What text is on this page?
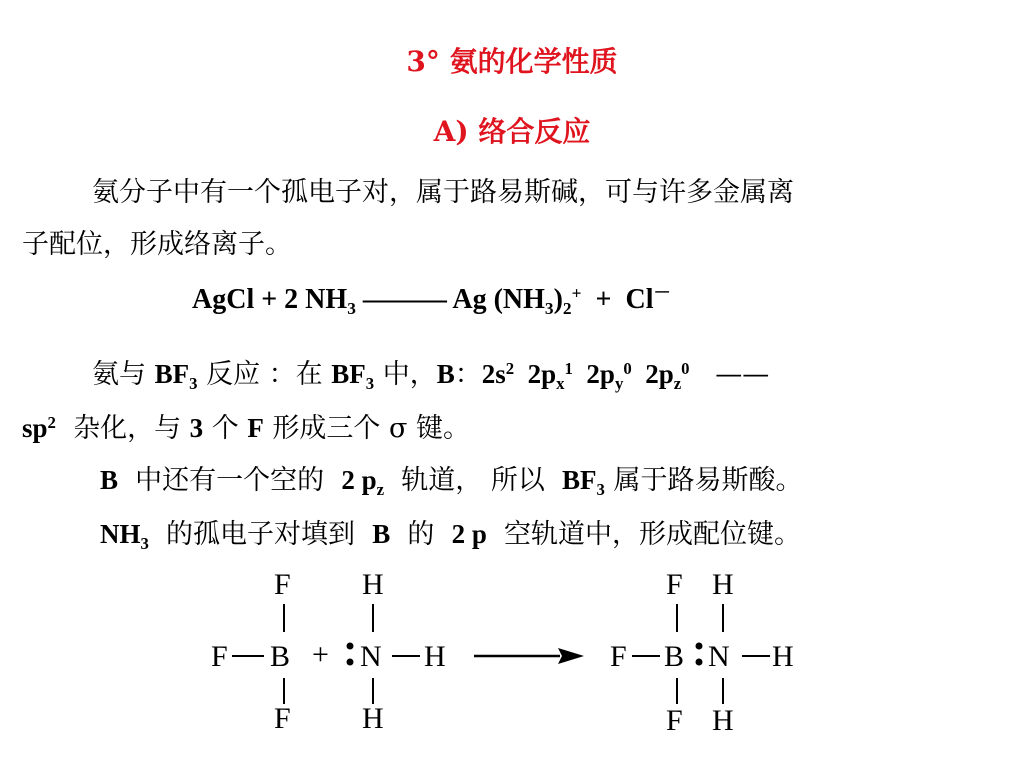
3° 氨的化学性质
A) 络合反应
氨分子中有一个孤电子对，属于路易斯碱，可与许多金属离
子配位，形成络离子。
AgCl + 2 $NH_3$ ——— Ag $(NH_3)_2^+ + Cl^-$
氨与 $BF_3$ 反应 ：在 $BF_3$ 中，B：$2s^2$  $2p_x^1$  $2p_y^0$  $2p_z^0$   ——
$sp^2$  杂化，与 3 个 F 形成三个 σ 键。
B  中还有一个空的  2 $p_z$  轨道， 所以  $BF_3$ 属于路易斯酸。
$NH_3$  的孤电子对填到  B  的  2 p  空轨道中，形成配位键。
F
F B
F
+
H
N H
H
F H
F B N H
F H
